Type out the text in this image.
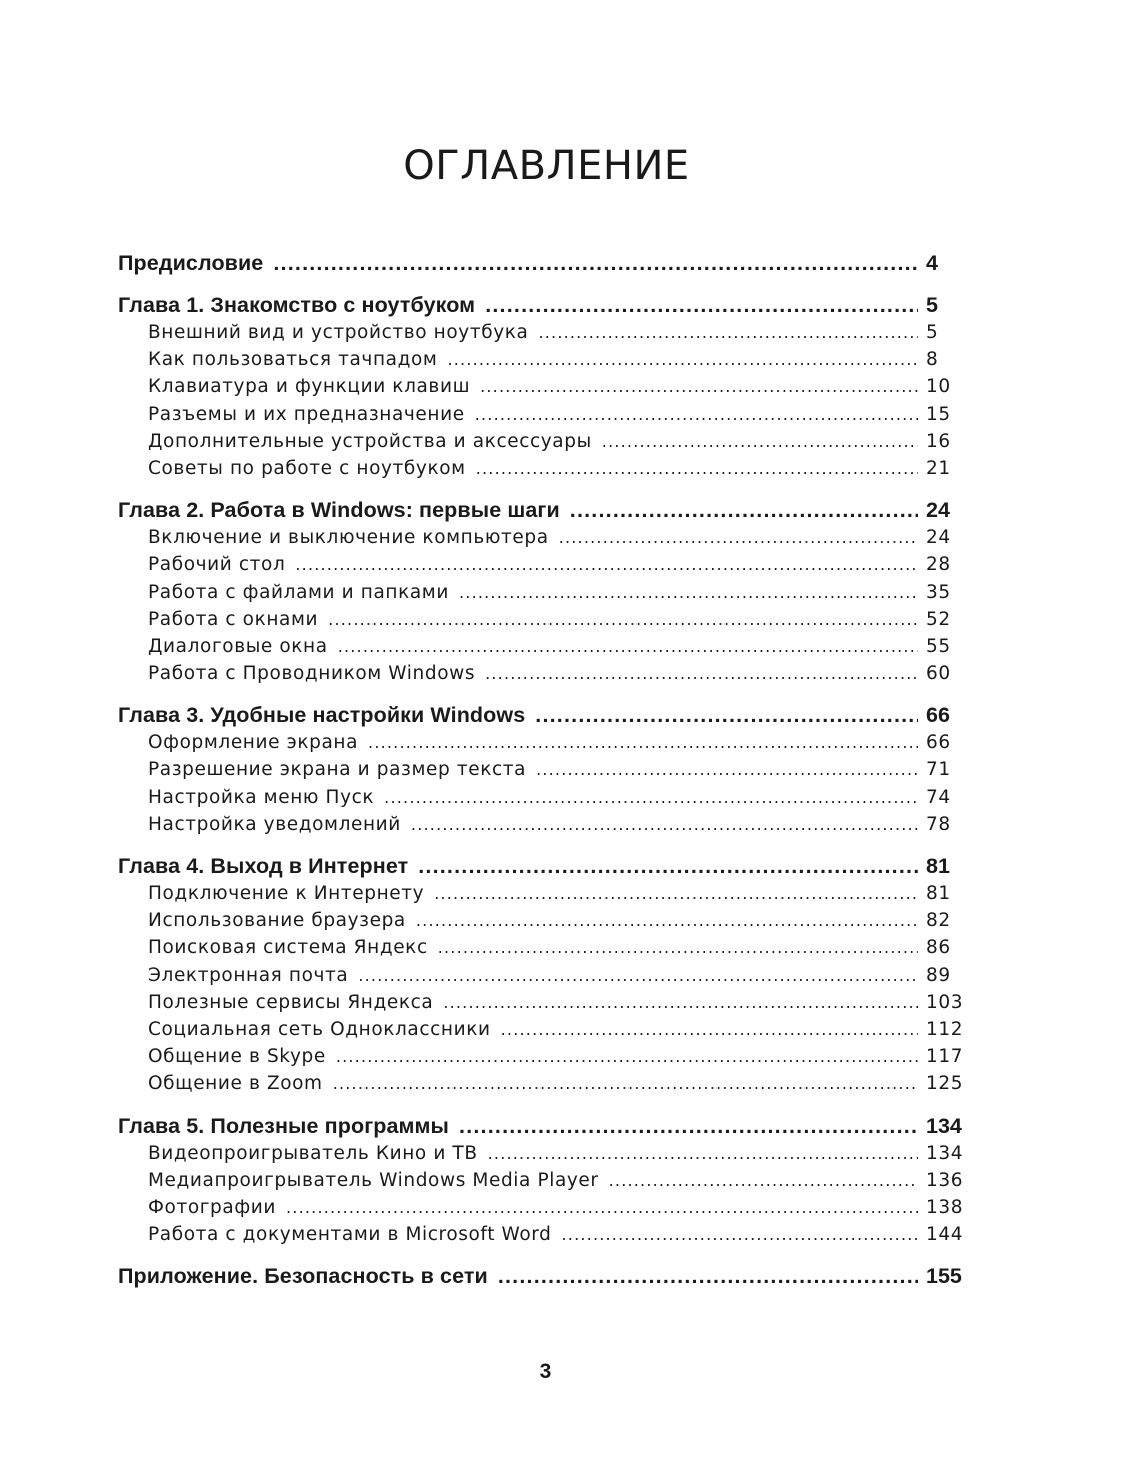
ОГЛАВЛЕНИЕ
Предисловие .....	4
Глава 1. Знакомство с ноутбуком .....	5
Внешний вид и устройство ноутбука .....	5
Как пользоваться тачпадом .....	8
Клавиатура и функции клавиш .....	10
Разъемы и их предназначение .....	15
Дополнительные устройства и аксессуары .....	16
Советы по работе с ноутбуком .....	21
Глава 2. Работа в Windows: первые шаги .....	24
Включение и выключение компьютера .....	24
Рабочий стол .....	28
Работа с файлами и папками .....	35
Работа с окнами .....	52
Диалоговые окна .....	55
Работа с Проводником Windows .....	60
Глава 3. Удобные настройки Windows .....	66
Оформление экрана .....	66
Разрешение экрана и размер текста .....	71
Настройка меню Пуск .....	74
Настройка уведомлений .....	78
Глава 4. Выход в Интернет .....	81
Подключение к Интернету .....	81
Использование браузера .....	82
Поисковая система Яндекс .....	86
Электронная почта .....	89
Полезные сервисы Яндекса .....	103
Социальная сеть Одноклассники .....	112
Общение в Skype .....	117
Общение в Zoom .....	125
Глава 5. Полезные программы .....	134
Видеопроигрыватель Кино и ТВ .....	134
Медиапроигрыватель Windows Media Player .....	136
Фотографии .....	138
Работа с документами в Microsoft Word .....	144
Приложение. Безопасность в сети .....	155
3
